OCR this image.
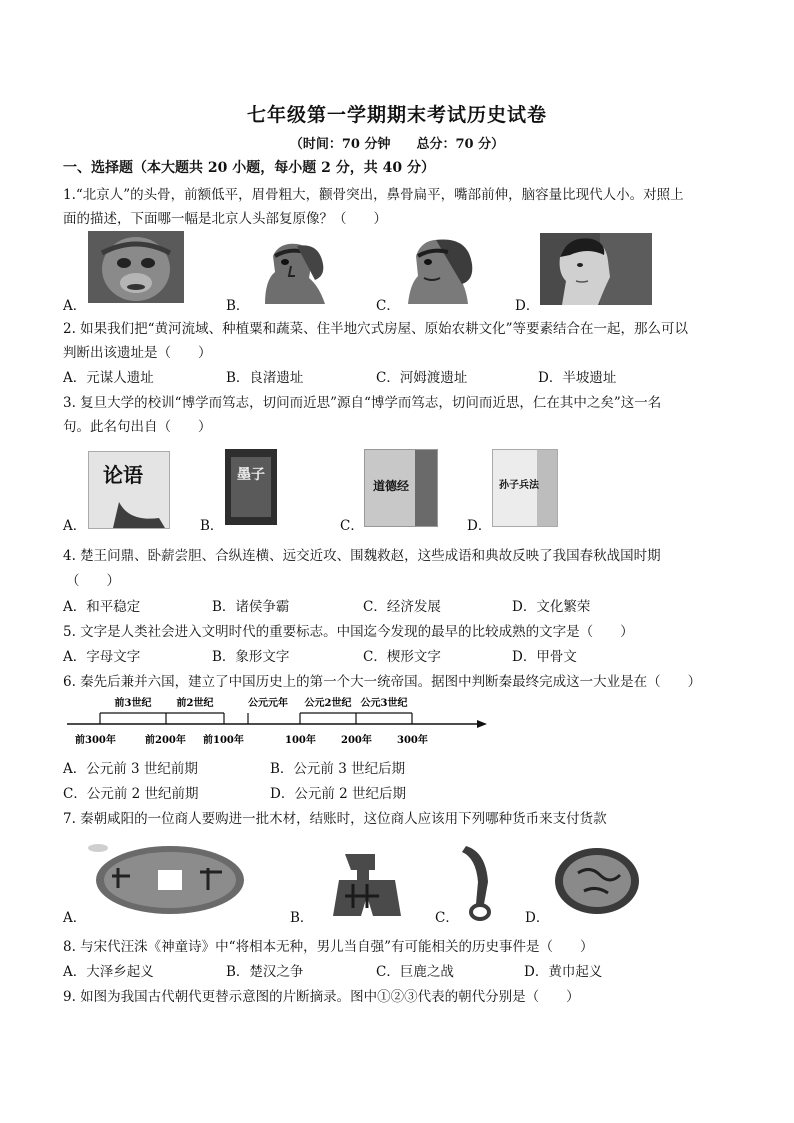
七年级第一学期期末考试历史试卷
（时间：70 分钟　　总分：70 分）
一、选择题（本大题共 20 小题，每小题 2 分，共 40 分）
1.“北京人”的头骨，前额低平，眉骨粗大，颧骨突出，鼻骨扁平，嘴部前伸，脑容量比现代人小。对照上
面的描述，下面哪一幅是北京人头部复原像？（　　）
A．	B．	C．	D．
2. 如果我们把“黄河流域、种植粟和蔬菜、住半地穴式房屋、原始农耕文化”等要素结合在一起，那么可以
判断出该遗址是（　　）
A．元谋人遗址	B．良渚遗址	C．河姆渡遗址	D．半坡遗址
3. 复旦大学的校训“博学而笃志，切问而近思”源自“博学而笃志，切问而近思，仁在其中之矣”这一名
句。此名句出自（　　）
论语
A．
墨子
B．
道德经
C．
孙子兵法
D．
4. 楚王问鼎、卧薪尝胆、合纵连横、远交近攻、围魏救赵，这些成语和典故反映了我国春秋战国时期
（　　）
A．和平稳定	B．诸侯争霸	C．经济发展	D．文化繁荣
5. 文字是人类社会进入文明时代的重要标志。中国迄今发现的最早的比较成熟的文字是（　　）
A．字母文字	B．象形文字	C．楔形文字	D．甲骨文
6. 秦先后兼并六国，建立了中国历史上的第一个大一统帝国。据图中判断秦最终完成这一大业是在（　　）
前3世纪	前2世纪	公元元年 公元2世纪 公元3世纪
前300年	前200年 前100年	100年	200年	300年
A．公元前 3 世纪前期	B．公元前 3 世纪后期
C．公元前 2 世纪前期	D．公元前 2 世纪后期
7. 秦朝咸阳的一位商人要购进一批木材，结账时，这位商人应该用下列哪种货币来支付货款
A．	B．	C．	D．
8. 与宋代汪洙《神童诗》中“将相本无种，男儿当自强”有可能相关的历史事件是（　　）
A．大泽乡起义	B．楚汉之争	C．巨鹿之战	D．黄巾起义
9. 如图为我国古代朝代更替示意图的片断摘录。图中①②③代表的朝代分别是（　　）
